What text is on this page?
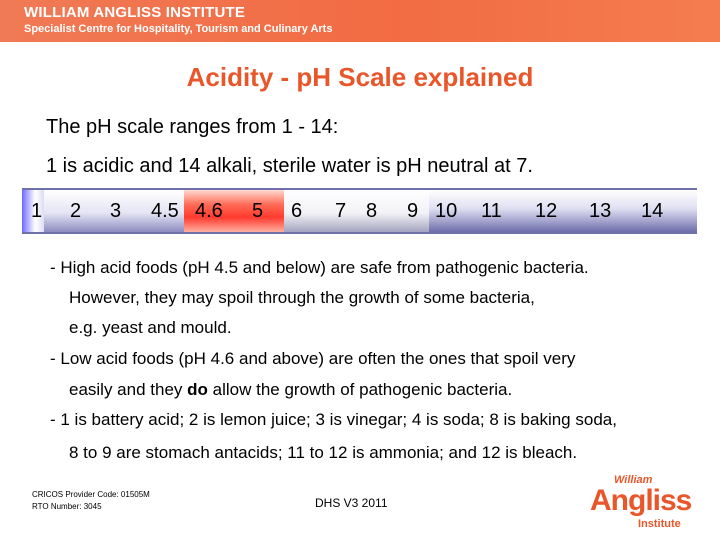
WILLIAM ANGLISS INSTITUTE
Specialist Centre for Hospitality, Tourism and Culinary Arts
Acidity - pH Scale explained
The pH scale ranges from 1 - 14:
1 is acidic and 14 alkali, sterile water is pH neutral at 7.
1 2 3 4.5 4.6 5 6 7 8 9 10 11 12 13 14
- High acid foods (pH 4.5 and below) are safe from pathogenic bacteria.
However, they may spoil through the growth of some bacteria,
e.g. yeast and mould.
- Low acid foods (pH 4.6 and above) are often the ones that spoil very
easily and they do allow the growth of pathogenic bacteria.
- 1 is battery acid; 2 is lemon juice; 3 is vinegar; 4 is soda; 8 is baking soda,
8 to 9 are stomach antacids; 11 to 12 is ammonia; and 12 is bleach.
CRICOS Provider Code: 01505M
RTO Number: 3045	DHS V3 2011
William
Angliss
Institute
